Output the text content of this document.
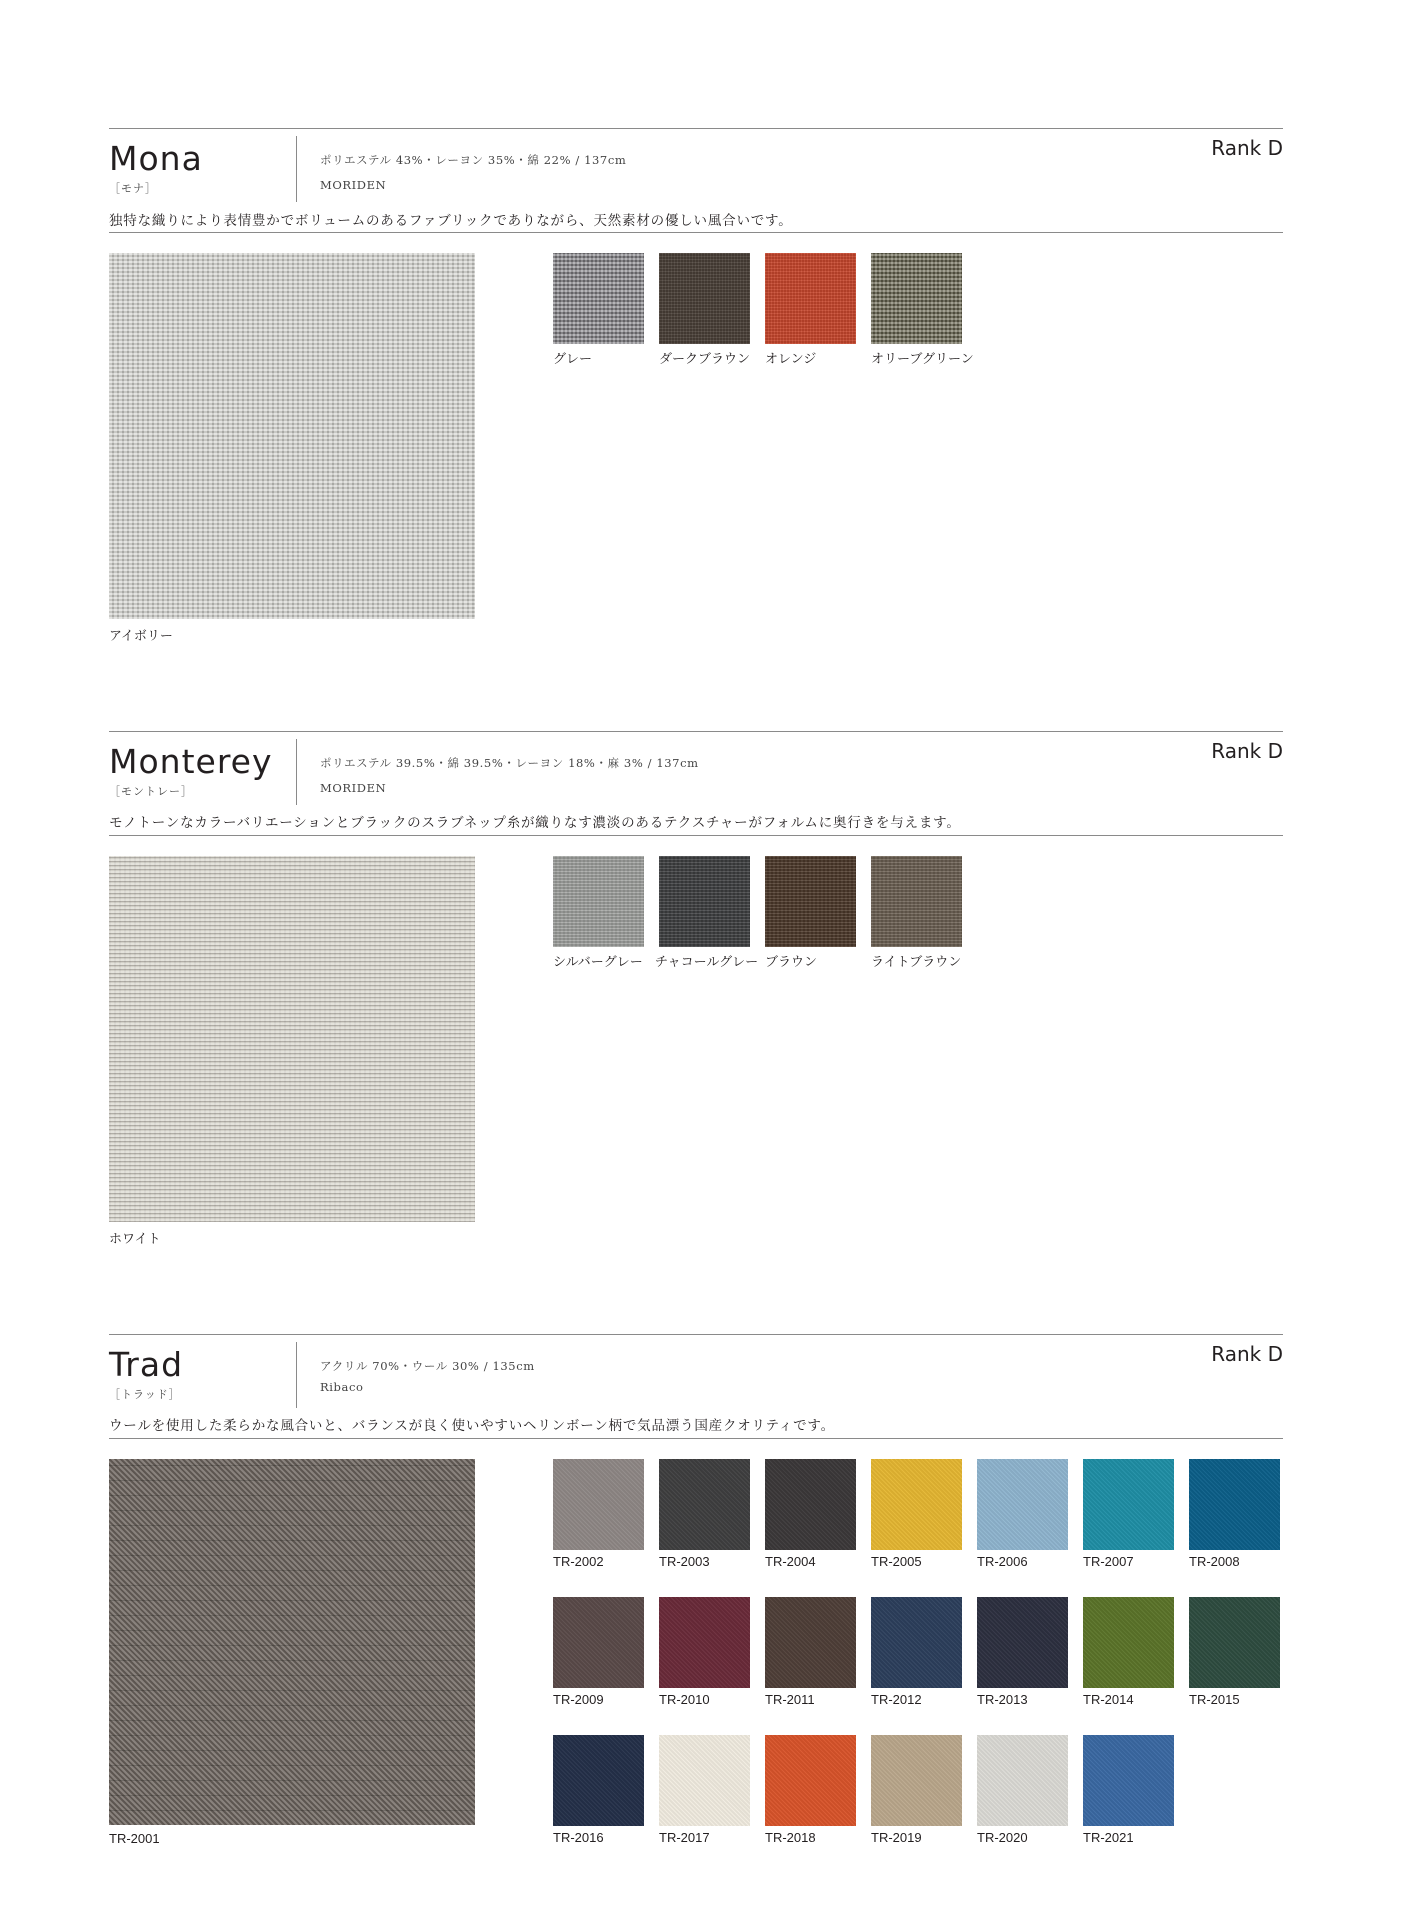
Mona
［モナ］
ポリエステル 43%・レーヨン 35%・綿 22% / 137cm
MORIDEN
Rank D
独特な織りにより表情豊かでボリュームのあるファブリックでありながら、天然素材の優しい風合いです。
アイボリー
グレー	ダークブラウン オレンジ	オリーブグリーン
Monterey
［モントレー］
ポリエステル 39.5%・綿 39.5%・レーヨン 18%・麻 3% / 137cm
MORIDEN
Rank D
モノトーンなカラーバリエーションとブラックのスラブネップ糸が織りなす濃淡のあるテクスチャーがフォルムに奥行きを与えます。
ホワイト
シルバーグレー チャコールグレー ブラウン	ライトブラウン
Trad
［トラッド］
アクリル 70%・ウール 30% / 135cm
Ribaco
Rank D
ウールを使用した柔らかな風合いと、バランスが良く使いやすいヘリンボーン柄で気品漂う国産クオリティです。
TR-2001
TR-2002	TR-2003	TR-2004	TR-2005	TR-2006	TR-2007	TR-2008
TR-2009	TR-2010	TR-2011	TR-2012	TR-2013	TR-2014	TR-2015
TR-2016	TR-2017	TR-2018	TR-2019	TR-2020	TR-2021
